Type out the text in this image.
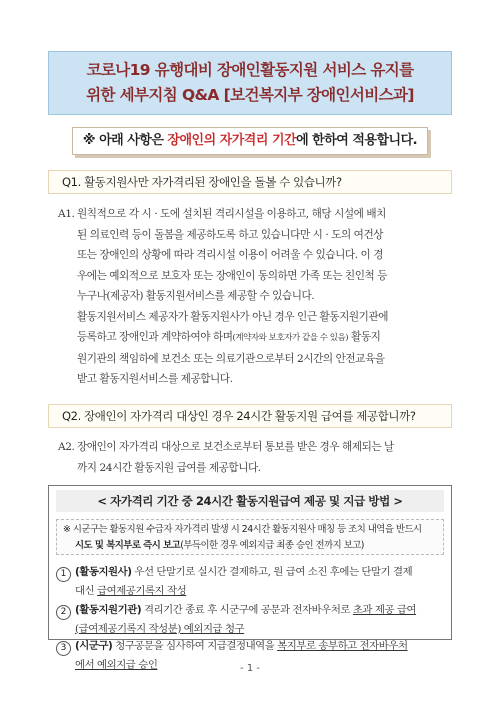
코로나19 유행대비 장애인활동지원 서비스 유지를
위한 세부지침 Q&A [보건복지부 장애인서비스과]
※ 아래 사항은 장애인의 자가격리 기간에 한하여 적용합니다.
Q1. 활동지원사만 자가격리된 장애인을 돌볼 수 있습니까?
A1. 원칙적으로 각 시 · 도에 설치된 격리시설을 이용하고, 해당 시설에 배치
된 의료인력 등이 돌봄을 제공하도록 하고 있습니다만 시 · 도의 여건상
또는 장애인의 상황에 따라 격리시설 이용이 어려울 수 있습니다. 이 경
우에는 예외적으로 보호자 또는 장애인이 동의하면 가족 또는 친인척 등
누구나(제공자) 활동지원서비스를 제공할 수 있습니다.
활동지원서비스 제공자가 활동지원사가 아닌 경우 인근 활동지원기관에
등록하고 장애인과 계약하여야 하며(계약자와 보호자가 같을 수 있음) 활동지
원기관의 책임하에 보건소 또는 의료기관으로부터 2시간의 안전교육을
받고 활동지원서비스를 제공합니다.
Q2. 장애인이 자가격리 대상인 경우 24시간 활동지원 급여를 제공합니까?
A2. 장애인이 자가격리 대상으로 보건소로부터 통보를 받은 경우 해제되는 날
까지 24시간 활동지원 급여를 제공합니다.
< 자가격리 기간 중 24시간 활동지원급여 제공 및 지급 방법 >
※ 시군구는 활동지원 수급자 자가격리 발생 시 24시간 활동지원사 매칭 등 조치 내역을 반드시
시도 및 복지부로 즉시 보고(부득이한 경우 예외지급 최종 승인 전까지 보고)
1 (활동지원사) 우선 단말기로 실시간 결제하고, 원 급여 소진 후에는 단말기 결제
대신 급여제공기록지 작성
2 (활동지원기관) 격리기간 종료 후 시군구에 공문과 전자바우처로 초과 제공 급여
(급여제공기록지 작성분) 예외지급 청구
3 (시군구) 청구공문을 심사하여 지급결정내역을 복지부로 송부하고 전자바우처
에서 예외지급 승인	- 1 -
